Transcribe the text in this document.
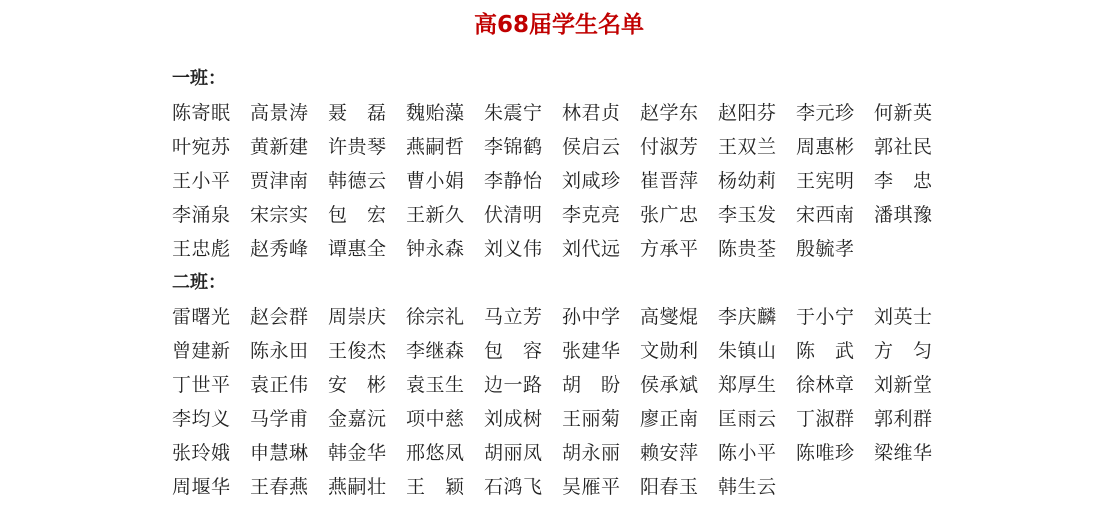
高68届学生名单
一班：
陈寄眠	高景涛	聂　磊	魏贻藻	朱震宁	林君贞	赵学东	赵阳芬	李元珍	何新英
叶宛苏	黄新建	许贵琴	燕嗣哲	李锦鹤	侯启云	付淑芳	王双兰	周惠彬	郭社民
王小平	贾津南	韩德云	曹小娟	李静怡	刘咸珍	崔晋萍	杨幼莉	王宪明	李　忠
李涌泉	宋宗实	包　宏	王新久	伏清明	李克亮	张广忠	李玉发	宋西南	潘琪豫
王忠彪	赵秀峰	谭惠全	钟永森	刘义伟	刘代远	方承平	陈贵荃	殷毓孝
二班：
雷曙光	赵会群	周崇庆	徐宗礼	马立芳	孙中学	高燮焜	李庆麟	于小宁	刘英士
曾建新	陈永田	王俊杰	李继森	包　容	张建华	文勋利	朱镇山	陈　武	方　匀
丁世平	袁正伟	安　彬	袁玉生	边一路	胡　盼	侯承斌	郑厚生	徐林章	刘新堂
李均义	马学甫	金嘉沅	项中慈	刘成树	王丽菊	廖正南	匡雨云	丁淑群	郭利群
张玲娥	申慧琳	韩金华	邢悠凤	胡丽凤	胡永丽	赖安萍	陈小平	陈唯珍	梁维华
周堰华	王春燕	燕嗣壮	王　颖	石鸿飞	吴雁平	阳春玉	韩生云
